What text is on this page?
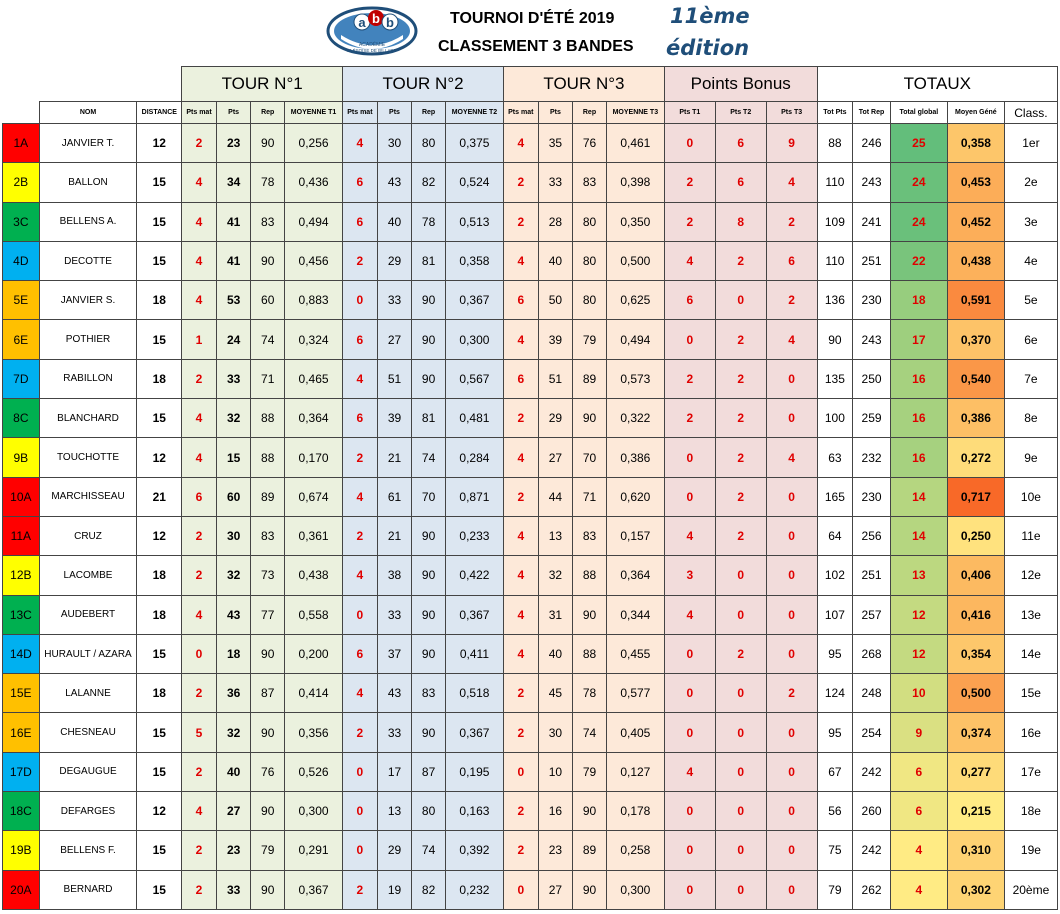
a b b
ACADÉMIE
BLÉSOISE DE BILLARD
TOURNOI D'ÉTÉ 2019
CLASSEMENT 3 BANDES
11ème
édition
			TOUR N°1				TOUR N°2				TOUR N°3				Points Bonus			TOTAUX				
	NOM	DISTANCE	Pts mat	Pts	Rep	MOYENNE T1	Pts mat	Pts	Rep	MOYENNE T2	Pts mat	Pts	Rep	MOYENNE T3	Pts T1	Pts T2	Pts T3	Tot Pts	Tot Rep	Total global	Moyen Géné	Class.
1A	JANVIER T.	12	2	23	90	0,256	4	30	80	0,375	4	35	76	0,461	0	6	9	88	246	25	0,358	1er
2B	BALLON	15	4	34	78	0,436	6	43	82	0,524	2	33	83	0,398	2	6	4	110	243	24	0,453	2e
3C	BELLENS A.	15	4	41	83	0,494	6	40	78	0,513	2	28	80	0,350	2	8	2	109	241	24	0,452	3e
4D	DECOTTE	15	4	41	90	0,456	2	29	81	0,358	4	40	80	0,500	4	2	6	110	251	22	0,438	4e
5E	JANVIER S.	18	4	53	60	0,883	0	33	90	0,367	6	50	80	0,625	6	0	2	136	230	18	0,591	5e
6E	POTHIER	15	1	24	74	0,324	6	27	90	0,300	4	39	79	0,494	0	2	4	90	243	17	0,370	6e
7D	RABILLON	18	2	33	71	0,465	4	51	90	0,567	6	51	89	0,573	2	2	0	135	250	16	0,540	7e
8C	BLANCHARD	15	4	32	88	0,364	6	39	81	0,481	2	29	90	0,322	2	2	0	100	259	16	0,386	8e
9B	TOUCHOTTE	12	4	15	88	0,170	2	21	74	0,284	4	27	70	0,386	0	2	4	63	232	16	0,272	9e
10A	MARCHISSEAU	21	6	60	89	0,674	4	61	70	0,871	2	44	71	0,620	0	2	0	165	230	14	0,717	10e
11A	CRUZ	12	2	30	83	0,361	2	21	90	0,233	4	13	83	0,157	4	2	0	64	256	14	0,250	11e
12B	LACOMBE	18	2	32	73	0,438	4	38	90	0,422	4	32	88	0,364	3	0	0	102	251	13	0,406	12e
13C	AUDEBERT	18	4	43	77	0,558	0	33	90	0,367	4	31	90	0,344	4	0	0	107	257	12	0,416	13e
14D	HURAULT / AZARA	15	0	18	90	0,200	6	37	90	0,411	4	40	88	0,455	0	2	0	95	268	12	0,354	14e
15E	LALANNE	18	2	36	87	0,414	4	43	83	0,518	2	45	78	0,577	0	0	2	124	248	10	0,500	15e
16E	CHESNEAU	15	5	32	90	0,356	2	33	90	0,367	2	30	74	0,405	0	0	0	95	254	9	0,374	16e
17D	DEGAUGUE	15	2	40	76	0,526	0	17	87	0,195	0	10	79	0,127	4	0	0	67	242	6	0,277	17e
18C	DEFARGES	12	4	27	90	0,300	0	13	80	0,163	2	16	90	0,178	0	0	0	56	260	6	0,215	18e
19B	BELLENS F.	15	2	23	79	0,291	0	29	74	0,392	2	23	89	0,258	0	0	0	75	242	4	0,310	19e
20A	BERNARD	15	2	33	90	0,367	2	19	82	0,232	0	27	90	0,300	0	0	0	79	262	4	0,302	20ème
